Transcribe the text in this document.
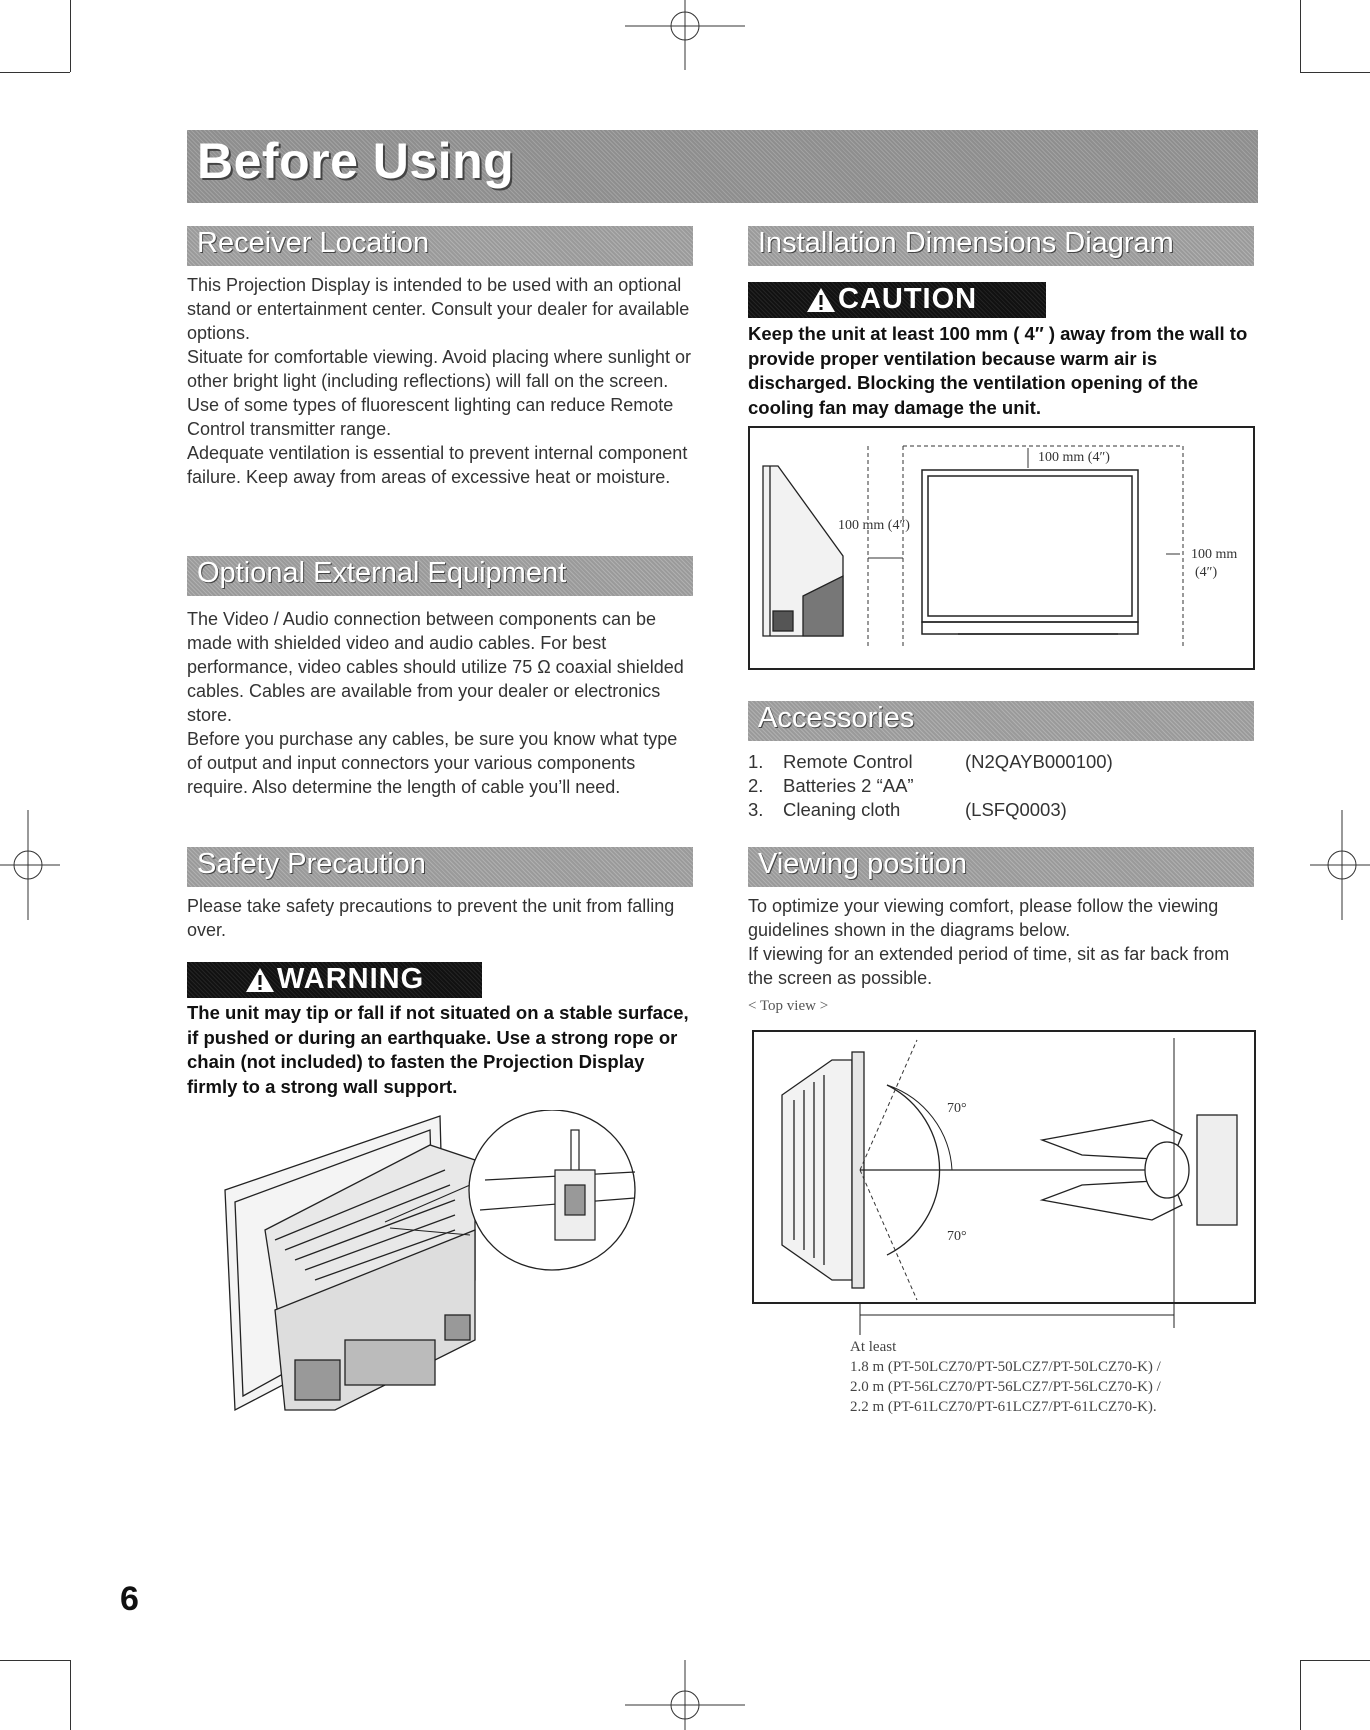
Before Using
Receiver Location

This Projection Display is intended to be used with an optional stand or entertainment center. Consult your dealer for available options.

Situate for comfortable viewing. Avoid placing where sunlight or other bright light (including reflections) will fall on the screen.

Use of some types of fluorescent lighting can reduce Remote Control transmitter range.

Adequate ventilation is essential to prevent internal component failure. Keep away from areas of excessive heat or moisture.

Optional External Equipment

The Video / Audio connection between components can be made with shielded video and audio cables. For best performance, video cables should utilize 75 Ω coaxial shielded cables. Cables are available from your dealer or electronics store.

Before you purchase any cables, be sure you know what type of output and input connectors your various components require. Also determine the length of cable you’ll need.

Safety Precaution
Please take safety precautions to prevent the unit from falling over.
WARNING
The unit may tip or fall if not situated on a stable surface, if pushed or during an earthquake. Use a strong rope or chain (not included) to fasten the Projection Display firmly to a strong wall support.
Installation Dimensions Diagram
CAUTION
Keep the unit at least 100 mm ( 4″ ) away from the wall to provide proper ventilation because warm air is discharged. Blocking the ventilation opening of the cooling fan may damage the unit.
100 mm (4″)
100 mm (4″)
100 mm
(4″)
Accessories
1. Remote Control	(N2QAYB000100)
2. Batteries 2 “AA”
3. Cleaning cloth	(LSFQ0003)
Viewing position

To optimize your viewing comfort, please follow the viewing guidelines shown in the diagrams below.

If viewing for an extended period of time, sit as far back from the screen as possible.

< Top view >
70°
70°
At least
1.8 m (PT-50LCZ70/PT-50LCZ7/PT-50LCZ70-K) /
2.0 m (PT-56LCZ70/PT-56LCZ7/PT-56LCZ70-K) /
2.2 m (PT-61LCZ70/PT-61LCZ7/PT-61LCZ70-K).
6
